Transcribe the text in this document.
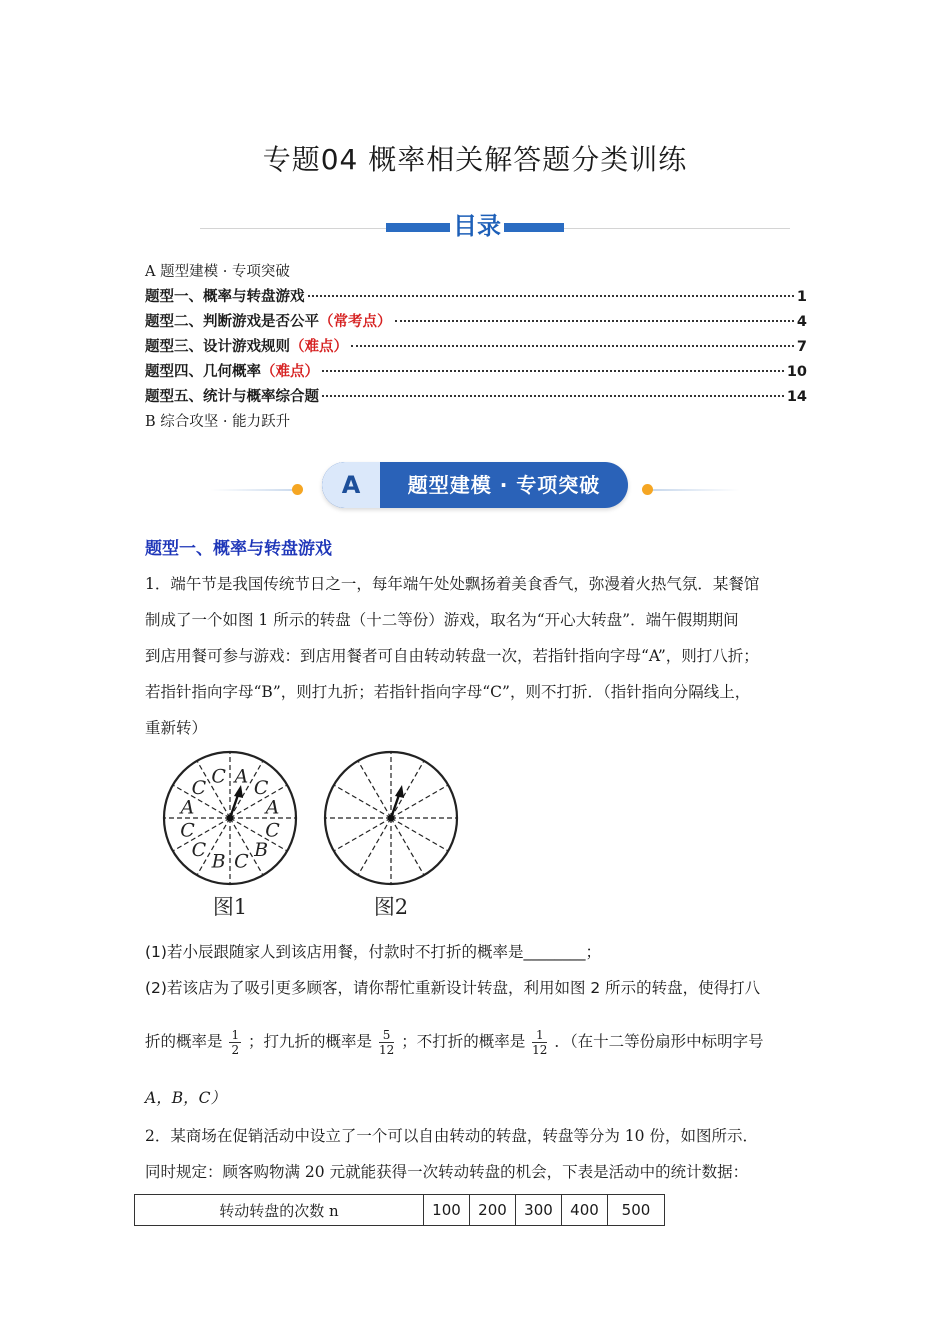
专题04 概率相关解答题分类训练
目录
A 题型建模 · 专项突破
题型一、概率与转盘游戏	1
题型二、判断游戏是否公平 （常考点）	4
题型三、设计游戏规则 （难点）	7
题型四、几何概率 （难点）	10
题型五、统计与概率综合题	14
B 综合攻坚 · 能力跃升
A	题型建模 · 专项突破
题型一、概率与转盘游戏

1．端午节是我国传统节日之一，每年端午处处飘扬着美食香气，弥漫着火热气氛．某餐馆

制成了一个如图 1 所示的转盘（十二等份）游戏，取名为“开心大转盘”．端午假期期间

到店用餐可参与游戏：到店用餐者可自由转动转盘一次，若指针指向字母“A”，则打八折；

若指针指向字母“B”，则打九折；若指针指向字母“C”，则不打折．（指针指向分隔线上，

重新转）

A
C
A
C
B
C
B
C
C
A
C
C
图1	图2
(1)若小辰跟随家人到该店用餐，付款时不打折的概率是________；
(2)若该店为了吸引更多顾客，请你帮忙重新设计转盘，利用如图 2 所示的转盘，使得打八
折的概率是 $\frac{1}{2}$ ；打九折的概率是 $\frac{5}{12}$ ；不打折的概率是 $\frac{1}{12}$ ．（在十二等份扇形中标明字号
A，B，C）
2．某商场在促销活动中设立了一个可以自由转动的转盘，转盘等分为 10 份，如图所示．
同时规定：顾客购物满 20 元就能获得一次转动转盘的机会，下表是活动中的统计数据：
转动转盘的次数 n	100	200	300	400	500
